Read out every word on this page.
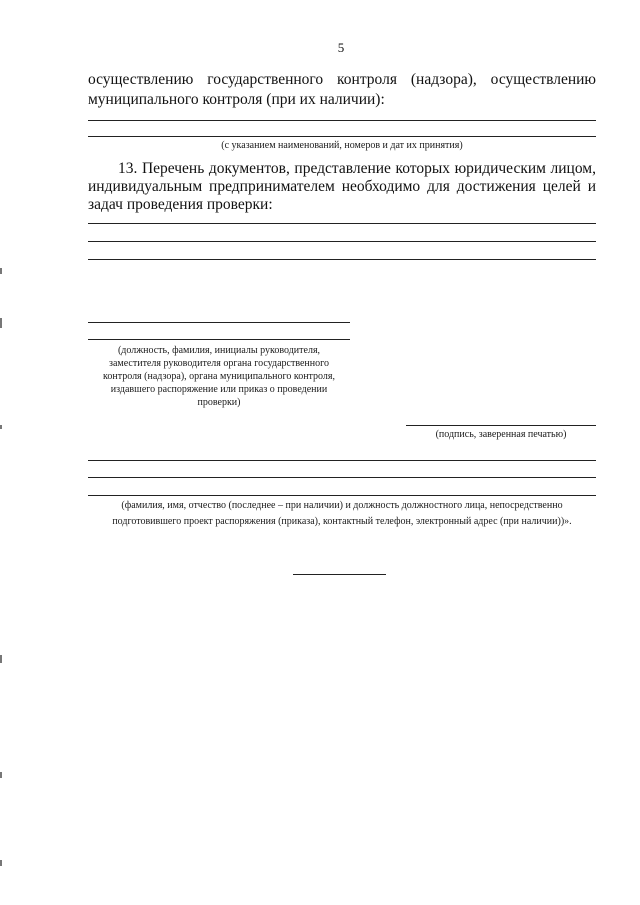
5
осуществлению государственного контроля (надзора), осуществлению
муниципального контроля (при их наличии):
(с указанием наименований, номеров и дат их принятия)
13. Перечень документов, представление которых юридическим лицом,
индивидуальным предпринимателем необходимо для достижения целей и
задач проведения проверки:
(должность, фамилия, инициалы руководителя,
заместителя руководителя органа государственного
контроля (надзора), органа муниципального контроля,
издавшего распоряжение или приказ о проведении
проверки)
(подпись, заверенная печатью)
(фамилия, имя, отчество (последнее – при наличии) и должность должностного лица, непосредственно
подготовившего проект распоряжения (приказа), контактный телефон, электронный адрес (при наличии))».
